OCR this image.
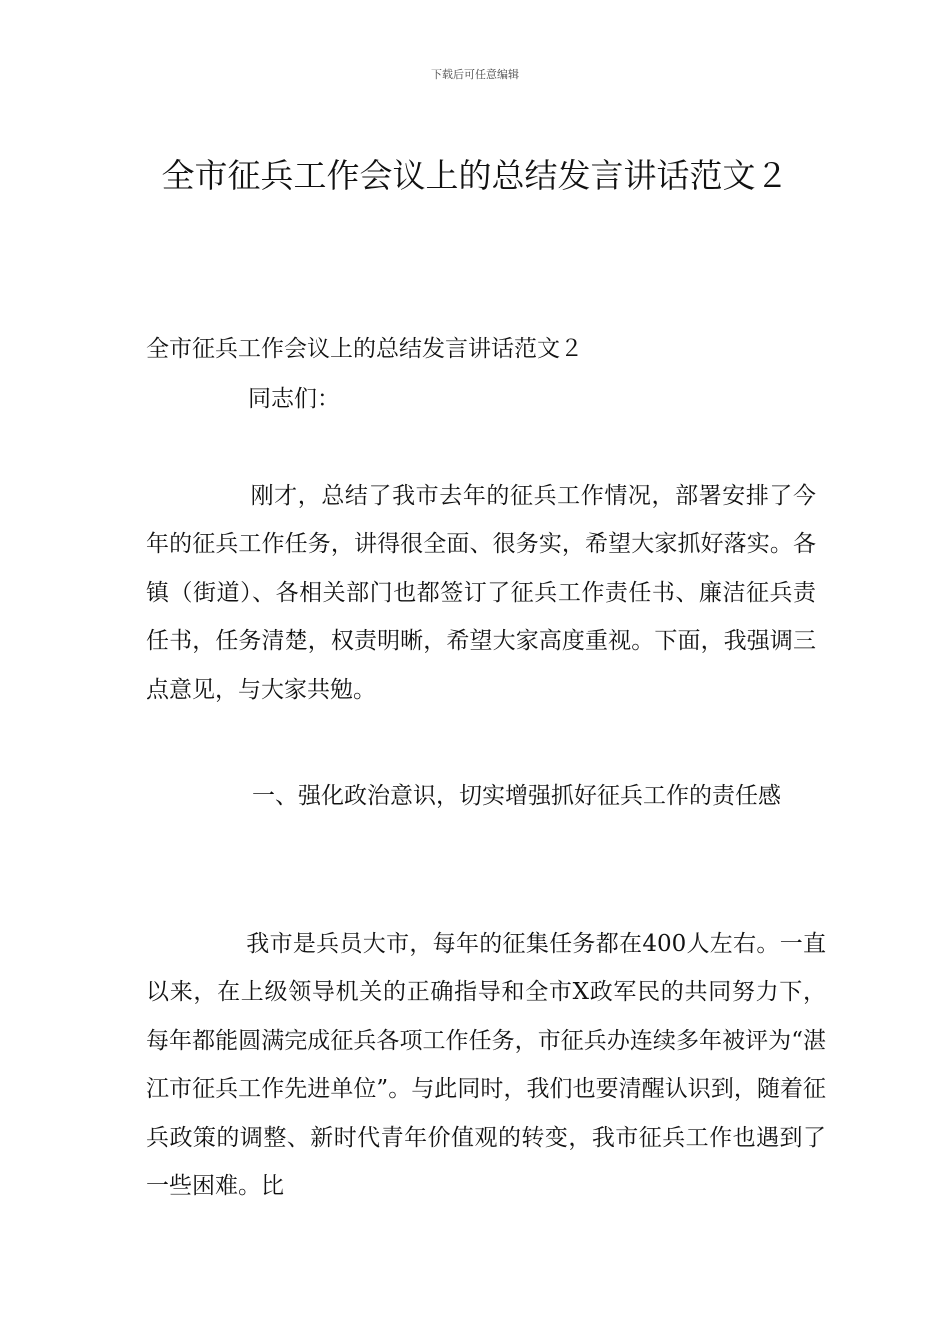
下载后可任意编辑
全市征兵工作会议上的总结发言讲话范文２
全市征兵工作会议上的总结发言讲话范文２
同志们：

刚才，总结了我市去年的征兵工作情况，部署安排了今年的征兵工作任务，讲得很全面、很务实，希望大家抓好落实。各镇（街道）、各相关部门也都签订了征兵工作责任书、廉洁征兵责任书，任务清楚，权责明晰，希望大家高度重视。下面，我强调三点意见，与大家共勉。

一、强化政治意识，切实增强抓好征兵工作的责任感

我市是兵员大市，每年的征集任务都在400人左右。一直以来，在上级领导机关的正确指导和全市X政军民的共同努力下，每年都能圆满完成征兵各项工作任务，市征兵办连续多年被评为“湛江市征兵工作先进单位”。与此同时，我们也要清醒认识到，随着征兵政策的调整、新时代青年价值观的转变，我市征兵工作也遇到了一些困难。比
